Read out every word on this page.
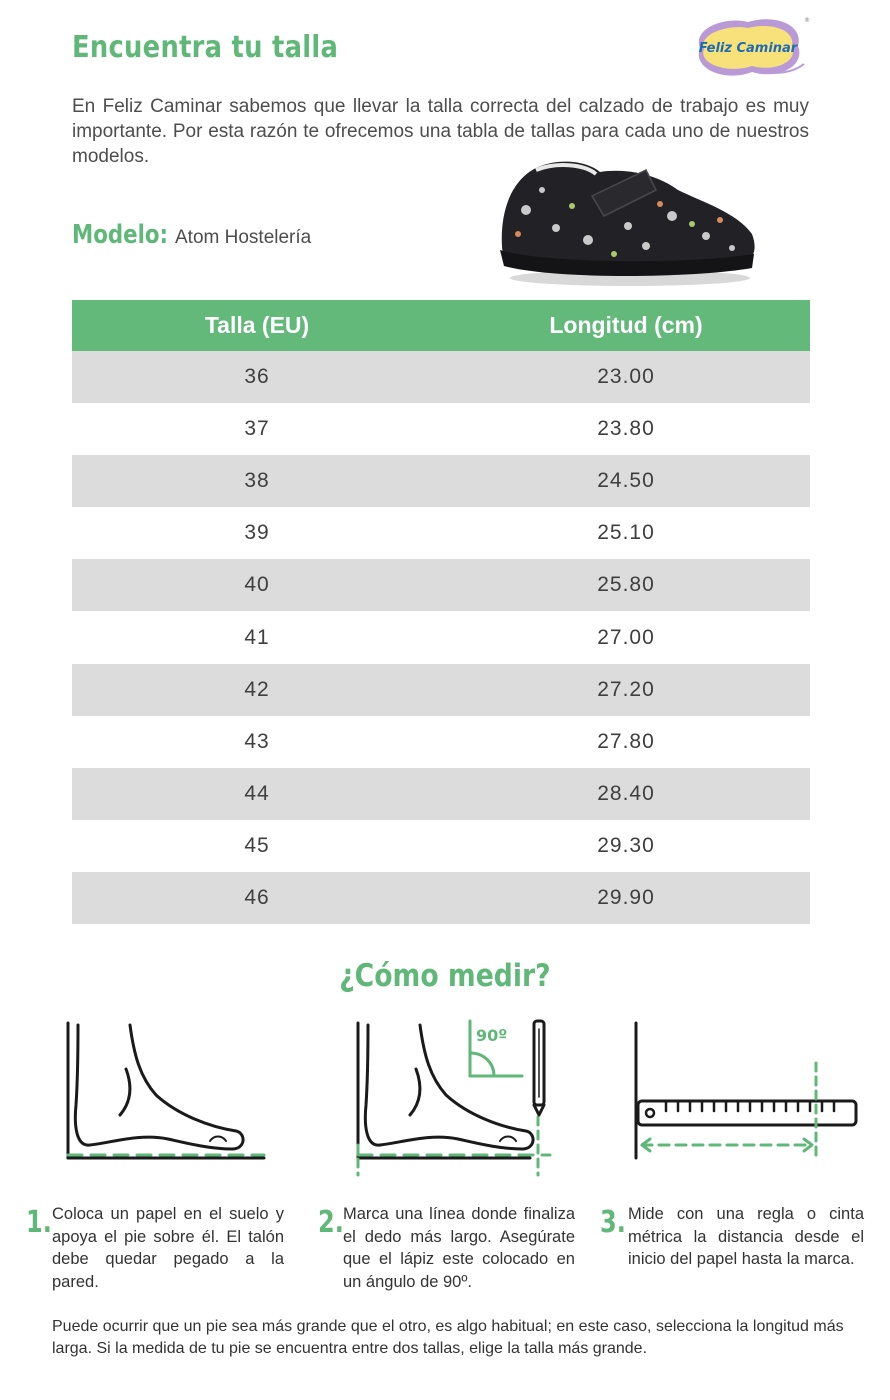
Encuentra tu talla	Feliz Caminar
®

En Feliz Caminar sabemos que llevar la talla correcta del calzado de trabajo es muy importante. Por esta razón te ofrecemos una tabla de tallas para cada uno de nuestros modelos.

Modelo: Atom Hostelería
Talla (EU)	Longitud (cm)
36	23.00
37	23.80
38	24.50
39	25.10
40	25.80
41	27.00
42	27.20
43	27.80
44	28.40
45	29.30
46	29.90
¿Cómo medir?
90º
1. Coloca un papel en el suelo y apoya el pie sobre él. El talón debe quedar pegado a la pared.
2. Marca una línea donde finaliza el dedo más largo. Asegúrate que el lápiz este colocado en un ángulo de 90º.
3. Mide con una regla o cinta métrica la distancia desde el inicio del papel hasta la marca.

Puede ocurrir que un pie sea más grande que el otro, es algo habitual; en este caso, selecciona la longitud más larga. Si la medida de tu pie se encuentra entre dos tallas, elige la talla más grande.
